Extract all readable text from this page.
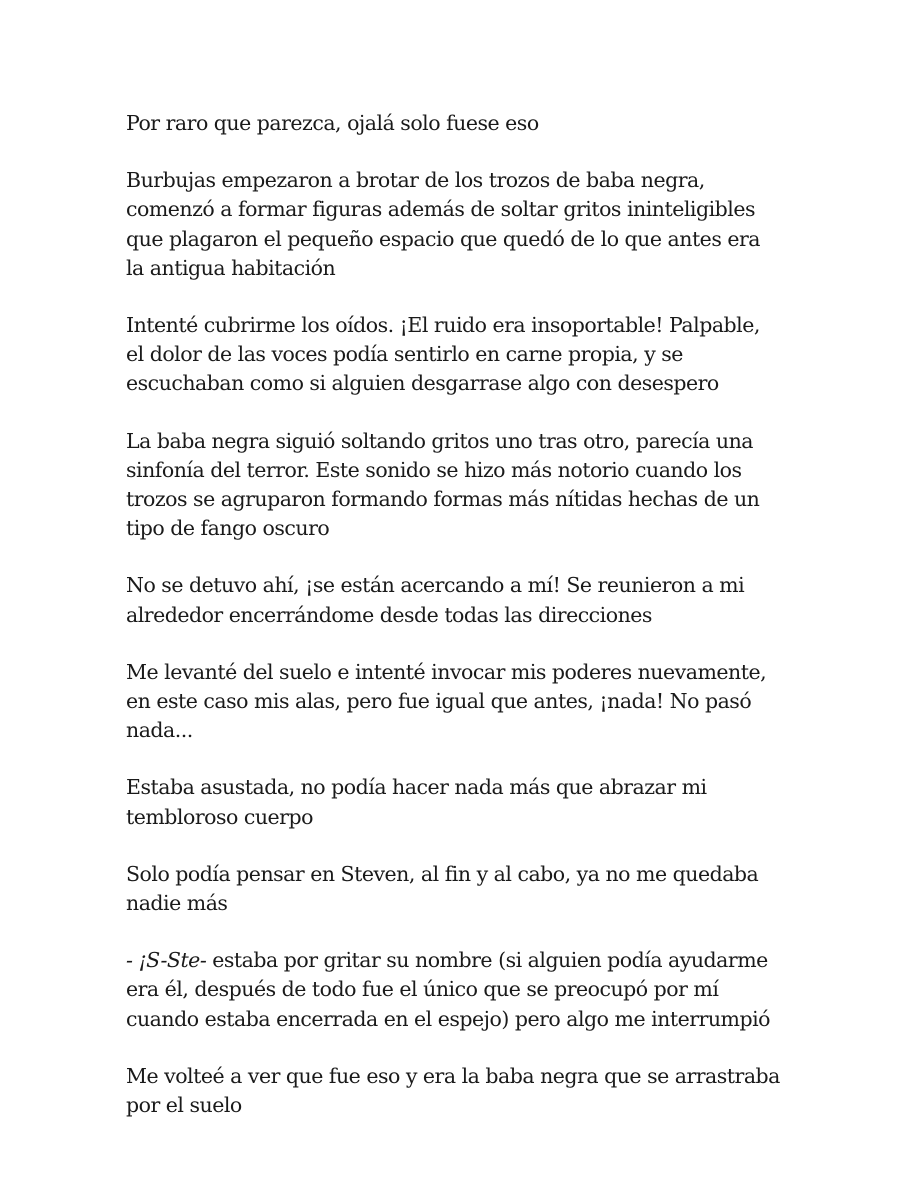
Por raro que parezca, ojalá solo fuese eso

Burbujas empezaron a brotar de los trozos de baba negra,
comenzó a formar figuras además de soltar gritos ininteligibles
que plagaron el pequeño espacio que quedó de lo que antes era
la antigua habitación

Intenté cubrirme los oídos. ¡El ruido era insoportable! Palpable,
el dolor de las voces podía sentirlo en carne propia, y se
escuchaban como si alguien desgarrase algo con desespero

La baba negra siguió soltando gritos uno tras otro, parecía una
sinfonía del terror. Este sonido se hizo más notorio cuando los
trozos se agruparon formando formas más nítidas hechas de un
tipo de fango oscuro

No se detuvo ahí, ¡se están acercando a mí! Se reunieron a mi
alrededor encerrándome desde todas las direcciones

Me levanté del suelo e intenté invocar mis poderes nuevamente,
en este caso mis alas, pero fue igual que antes, ¡nada! No pasó
nada...

Estaba asustada, no podía hacer nada más que abrazar mi
tembloroso cuerpo

Solo podía pensar en Steven, al fin y al cabo, ya no me quedaba
nadie más

- ¡S-Ste- estaba por gritar su nombre (si alguien podía ayudarme
era él, después de todo fue el único que se preocupó por mí
cuando estaba encerrada en el espejo) pero algo me interrumpió

Me volteé a ver que fue eso y era la baba negra que se arrastraba
por el suelo
